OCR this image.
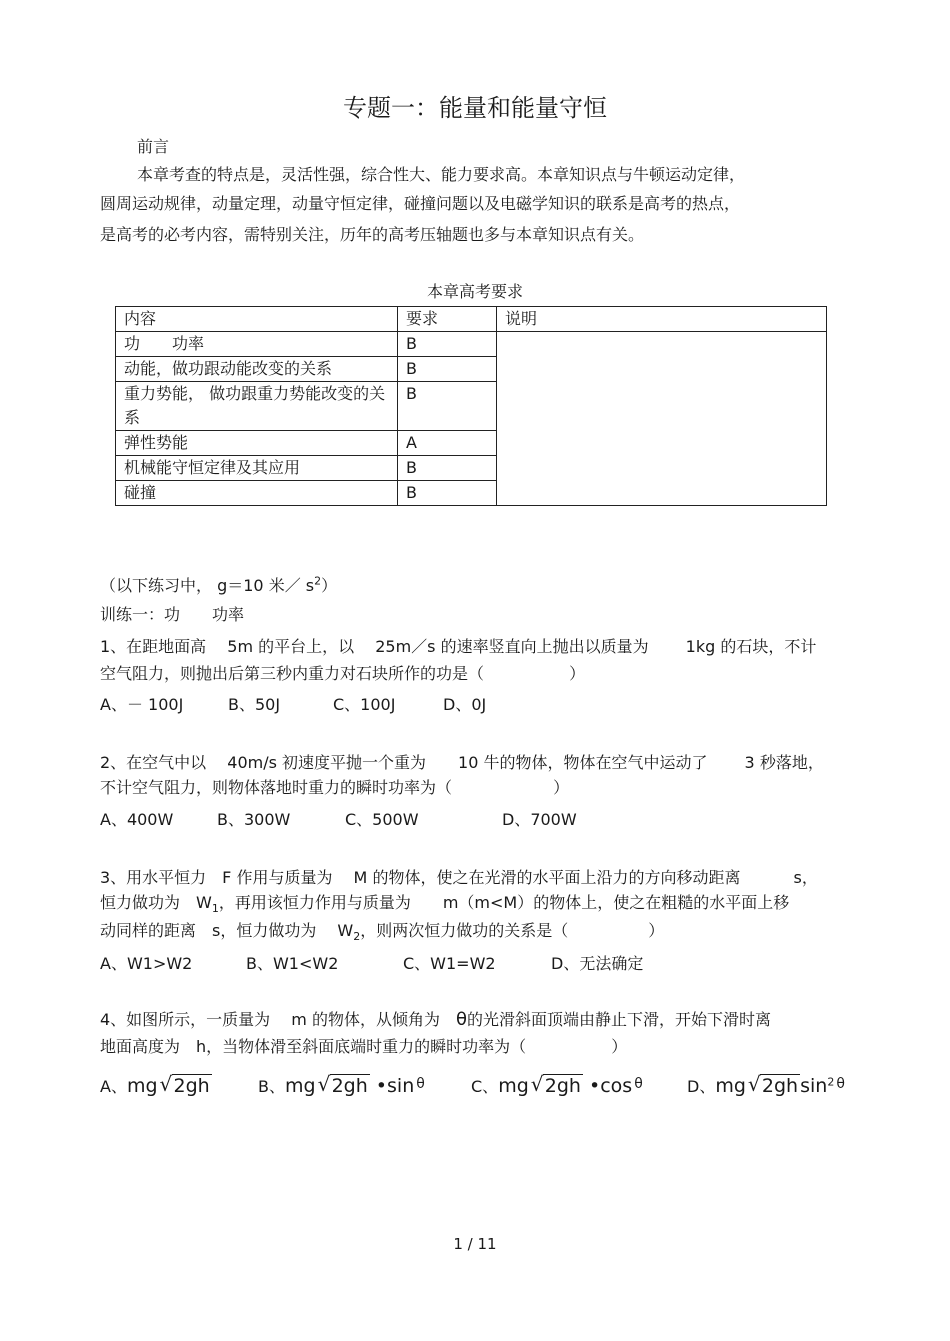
专题一：能量和能量守恒
前言
本章考查的特点是，灵活性强，综合性大、能力要求高。本章知识点与牛顿运动定律，
圆周运动规律，动量定理，动量守恒定律，碰撞问题以及电磁学知识的联系是高考的热点，
是高考的必考内容，需特别关注，历年的高考压轴题也多与本章知识点有关。
本章高考要求
内容	要求	说明
功　　功率	B	
动能，做功跟动能改变的关系	B	
重力势能， 做功跟重力势能改变的关系	B	
弹性势能	A	
机械能守恒定律及其应用	B	
碰撞	B	
（以下练习中， g＝10 米／ $s^2$）
训练一：功　　功率
1、在距地面高　 5m 的平台上，以　 25m／s 的速率竖直向上抛出以质量为　　 1kg 的石块，不计
空气阻力，则抛出后第三秒内重力对石块所作的功是（　　　　　 ）
A、－ 100J	B、50J	C、100J	D、0J
2、在空气中以　 40m/s 初速度平抛一个重为　　10 牛的物体，物体在空气中运动了　　 3 秒落地，
不计空气阻力，则物体落地时重力的瞬时功率为（　　　　　　 ）
A、400W	B、300W	C、500W	D、700W
3、用水平恒力　F 作用与质量为　 M 的物体，使之在光滑的水平面上沿力的方向移动距离　　　 s，
恒力做功为　$W_1$，再用该恒力作用与质量为　　m（m<M）的物体上，使之在粗糙的水平面上移
动同样的距离　s，恒力做功为　 $W_2$，则两次恒力做功的关系是（　　　　　）
A、W1>W2	B、W1<W2	C、W1=W2	D、无法确定
4、如图所示，一质量为　 m 的物体，从倾角为　θ的光滑斜面顶端由静止下滑，开始下滑时离
地面高度为　h，当物体滑至斜面底端时重力的瞬时功率为（　　　　　 ）
A、mg √ 2gh	B、mg √ 2gh •sin θ	C、mg √ 2gh •cos θ	D、mg √ 2gh $\sin^2 \theta$
1 / 11
